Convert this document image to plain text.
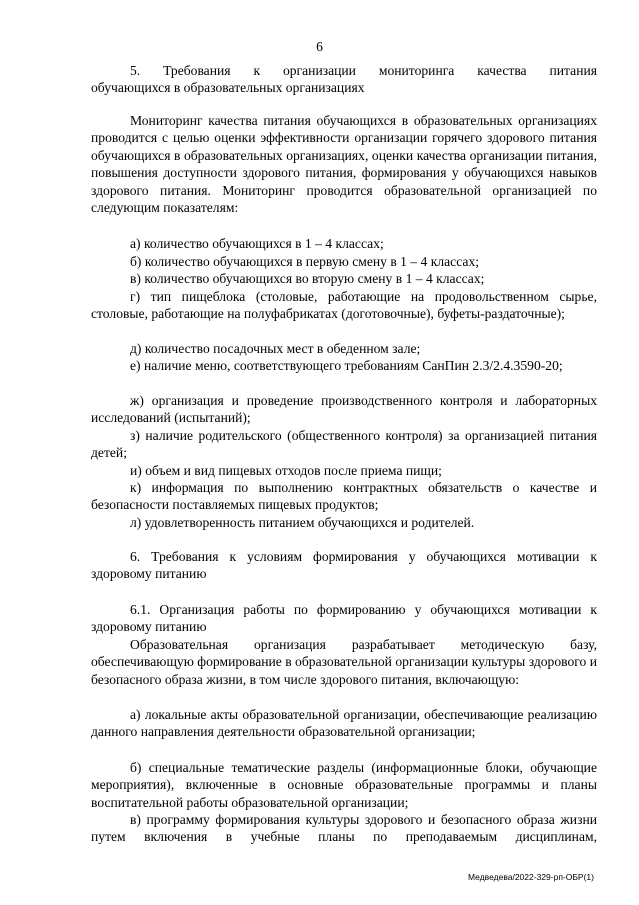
6
5. Требования к организации мониторинга качества питания
обучающихся в образовательных организациях
Мониторинг качества питания обучающихся в образовательных организациях проводится с целью оценки эффективности организации горячего здорового питания обучающихся в образовательных организациях, оценки качества организации питания, повышения доступности здорового питания, формирования у обучающихся навыков здорового питания. Мониторинг проводится образовательной организацией по следующим показателям:
а) количество обучающихся в 1 – 4 классах;
б) количество обучающихся в первую смену в 1 – 4 классах;
в) количество обучающихся во вторую смену в 1 – 4 классах;
г) тип пищеблока (столовые, работающие на продовольственном сырье, столовые, работающие на полуфабрикатах (доготовочные), буфеты-раздаточные);
д) количество посадочных мест в обеденном зале;
е) наличие меню, соответствующего требованиям СанПин 2.3/2.4.3590-20;
ж) организация и проведение производственного контроля и лабораторных исследований (испытаний);
з) наличие родительского (общественного контроля) за организацией питания детей;
и) объем и вид пищевых отходов после приема пищи;
к) информация по выполнению контрактных обязательств о качестве и безопасности поставляемых пищевых продуктов;
л) удовлетворенность питанием обучающихся и родителей.
6. Требования к условиям формирования у обучающихся мотивации к здоровому питанию
6.1. Организация работы по формированию у обучающихся мотивации к здоровому питанию
Образовательная организация разрабатывает методическую базу, обеспечивающую формирование в образовательной организации культуры здорового и безопасного образа жизни, в том числе здорового питания, включающую:
а) локальные акты образовательной организации, обеспечивающие реализацию данного направления деятельности образовательной организации;
б) специальные тематические разделы (информационные блоки, обучающие мероприятия), включенные в основные образовательные программы и планы воспитательной работы образовательной организации;
в) программу формирования культуры здорового и безопасного образа жизни путем включения в учебные планы по преподаваемым дисциплинам,
Медведева/2022-329-рп-ОБР(1)
